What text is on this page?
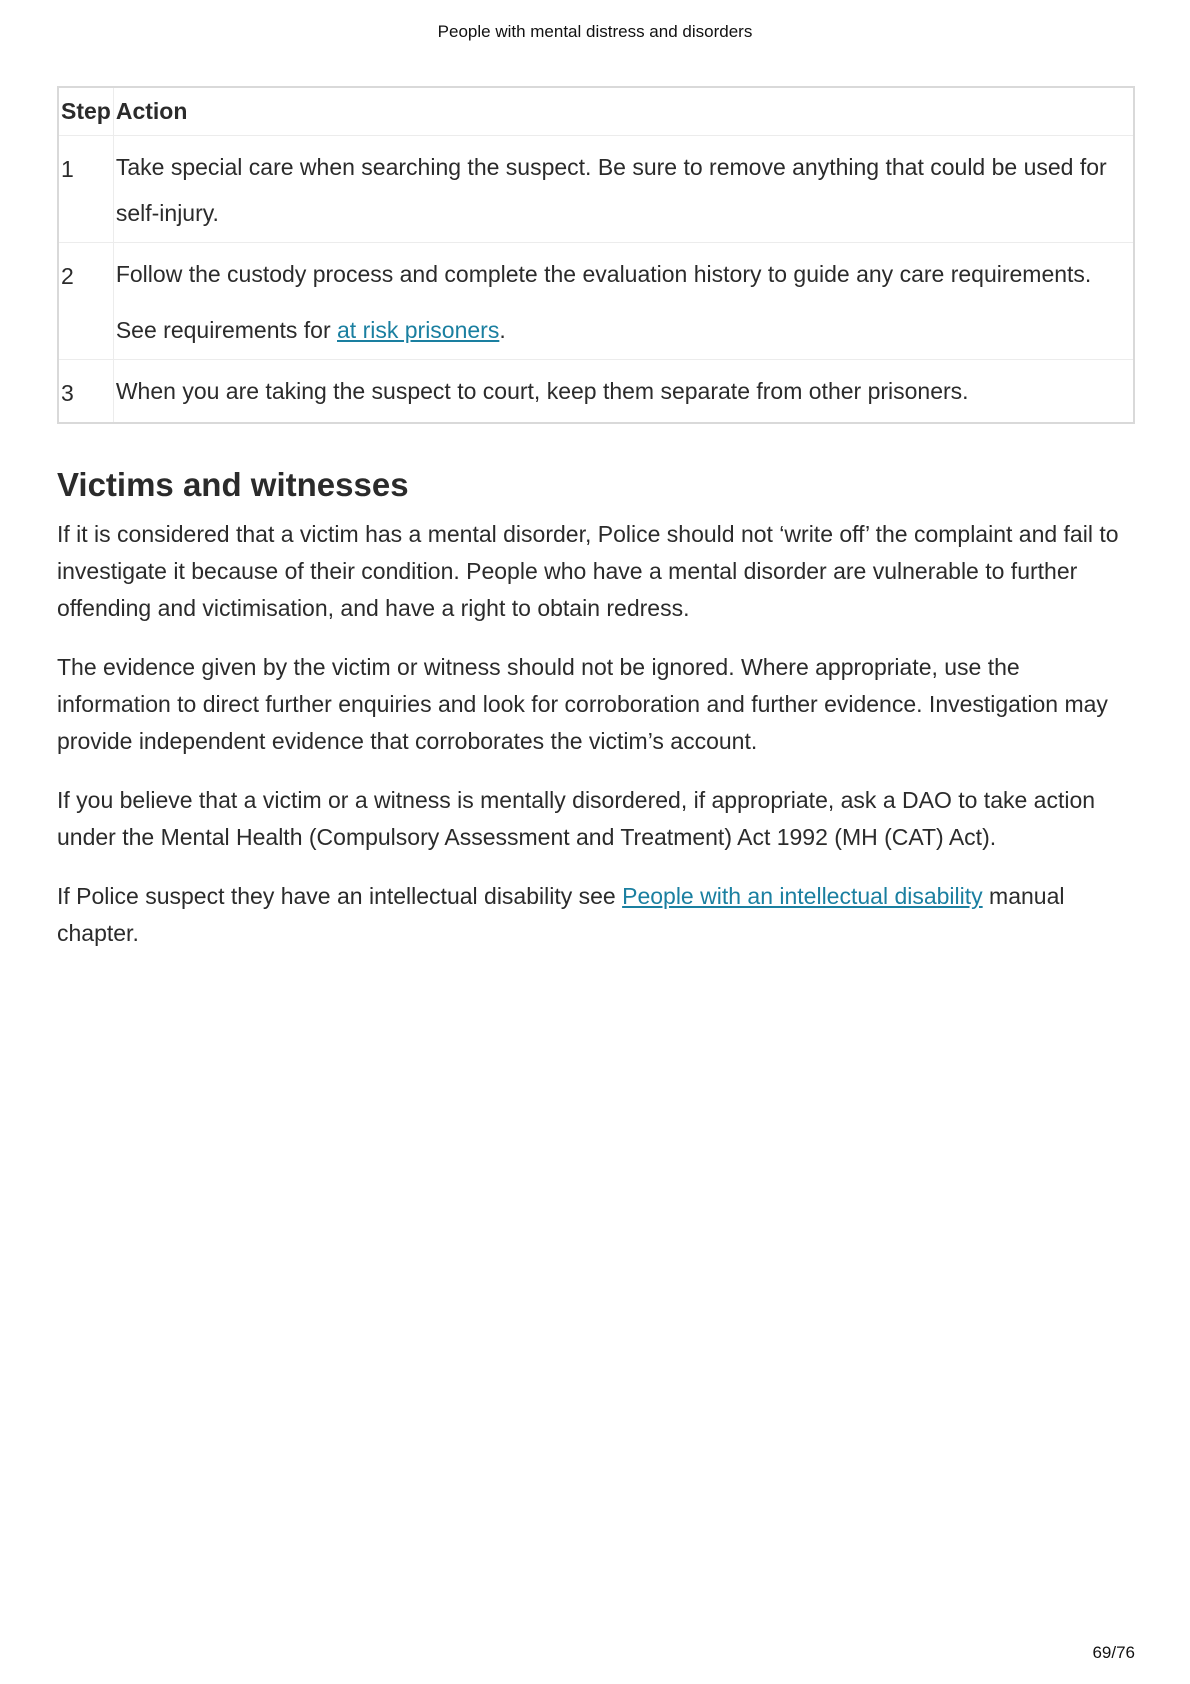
People with mental distress and disorders
Step	Action
1	Take special care when searching the suspect. Be sure to remove anything that could be used for self-injury.
2	Follow the custody process and complete the evaluation history to guide any care requirements.
See requirements for at risk prisoners.

3	When you are taking the suspect to court, keep them separate from other prisoners.
Victims and witnesses

If it is considered that a victim has a mental disorder, Police should not ‘write off’ the complaint and fail to investigate it because of their condition. People who have a mental disorder are vulnerable to further offending and victimisation, and have a right to obtain redress.

The evidence given by the victim or witness should not be ignored. Where appropriate, use the information to direct further enquiries and look for corroboration and further evidence. Investigation may provide independent evidence that corroborates the victim’s account.

If you believe that a victim or a witness is mentally disordered, if appropriate, ask a DAO to take action under the Mental Health (Compulsory Assessment and Treatment) Act 1992 (MH (CAT) Act).

If Police suspect they have an intellectual disability see People with an intellectual disability manual chapter.

69/76
